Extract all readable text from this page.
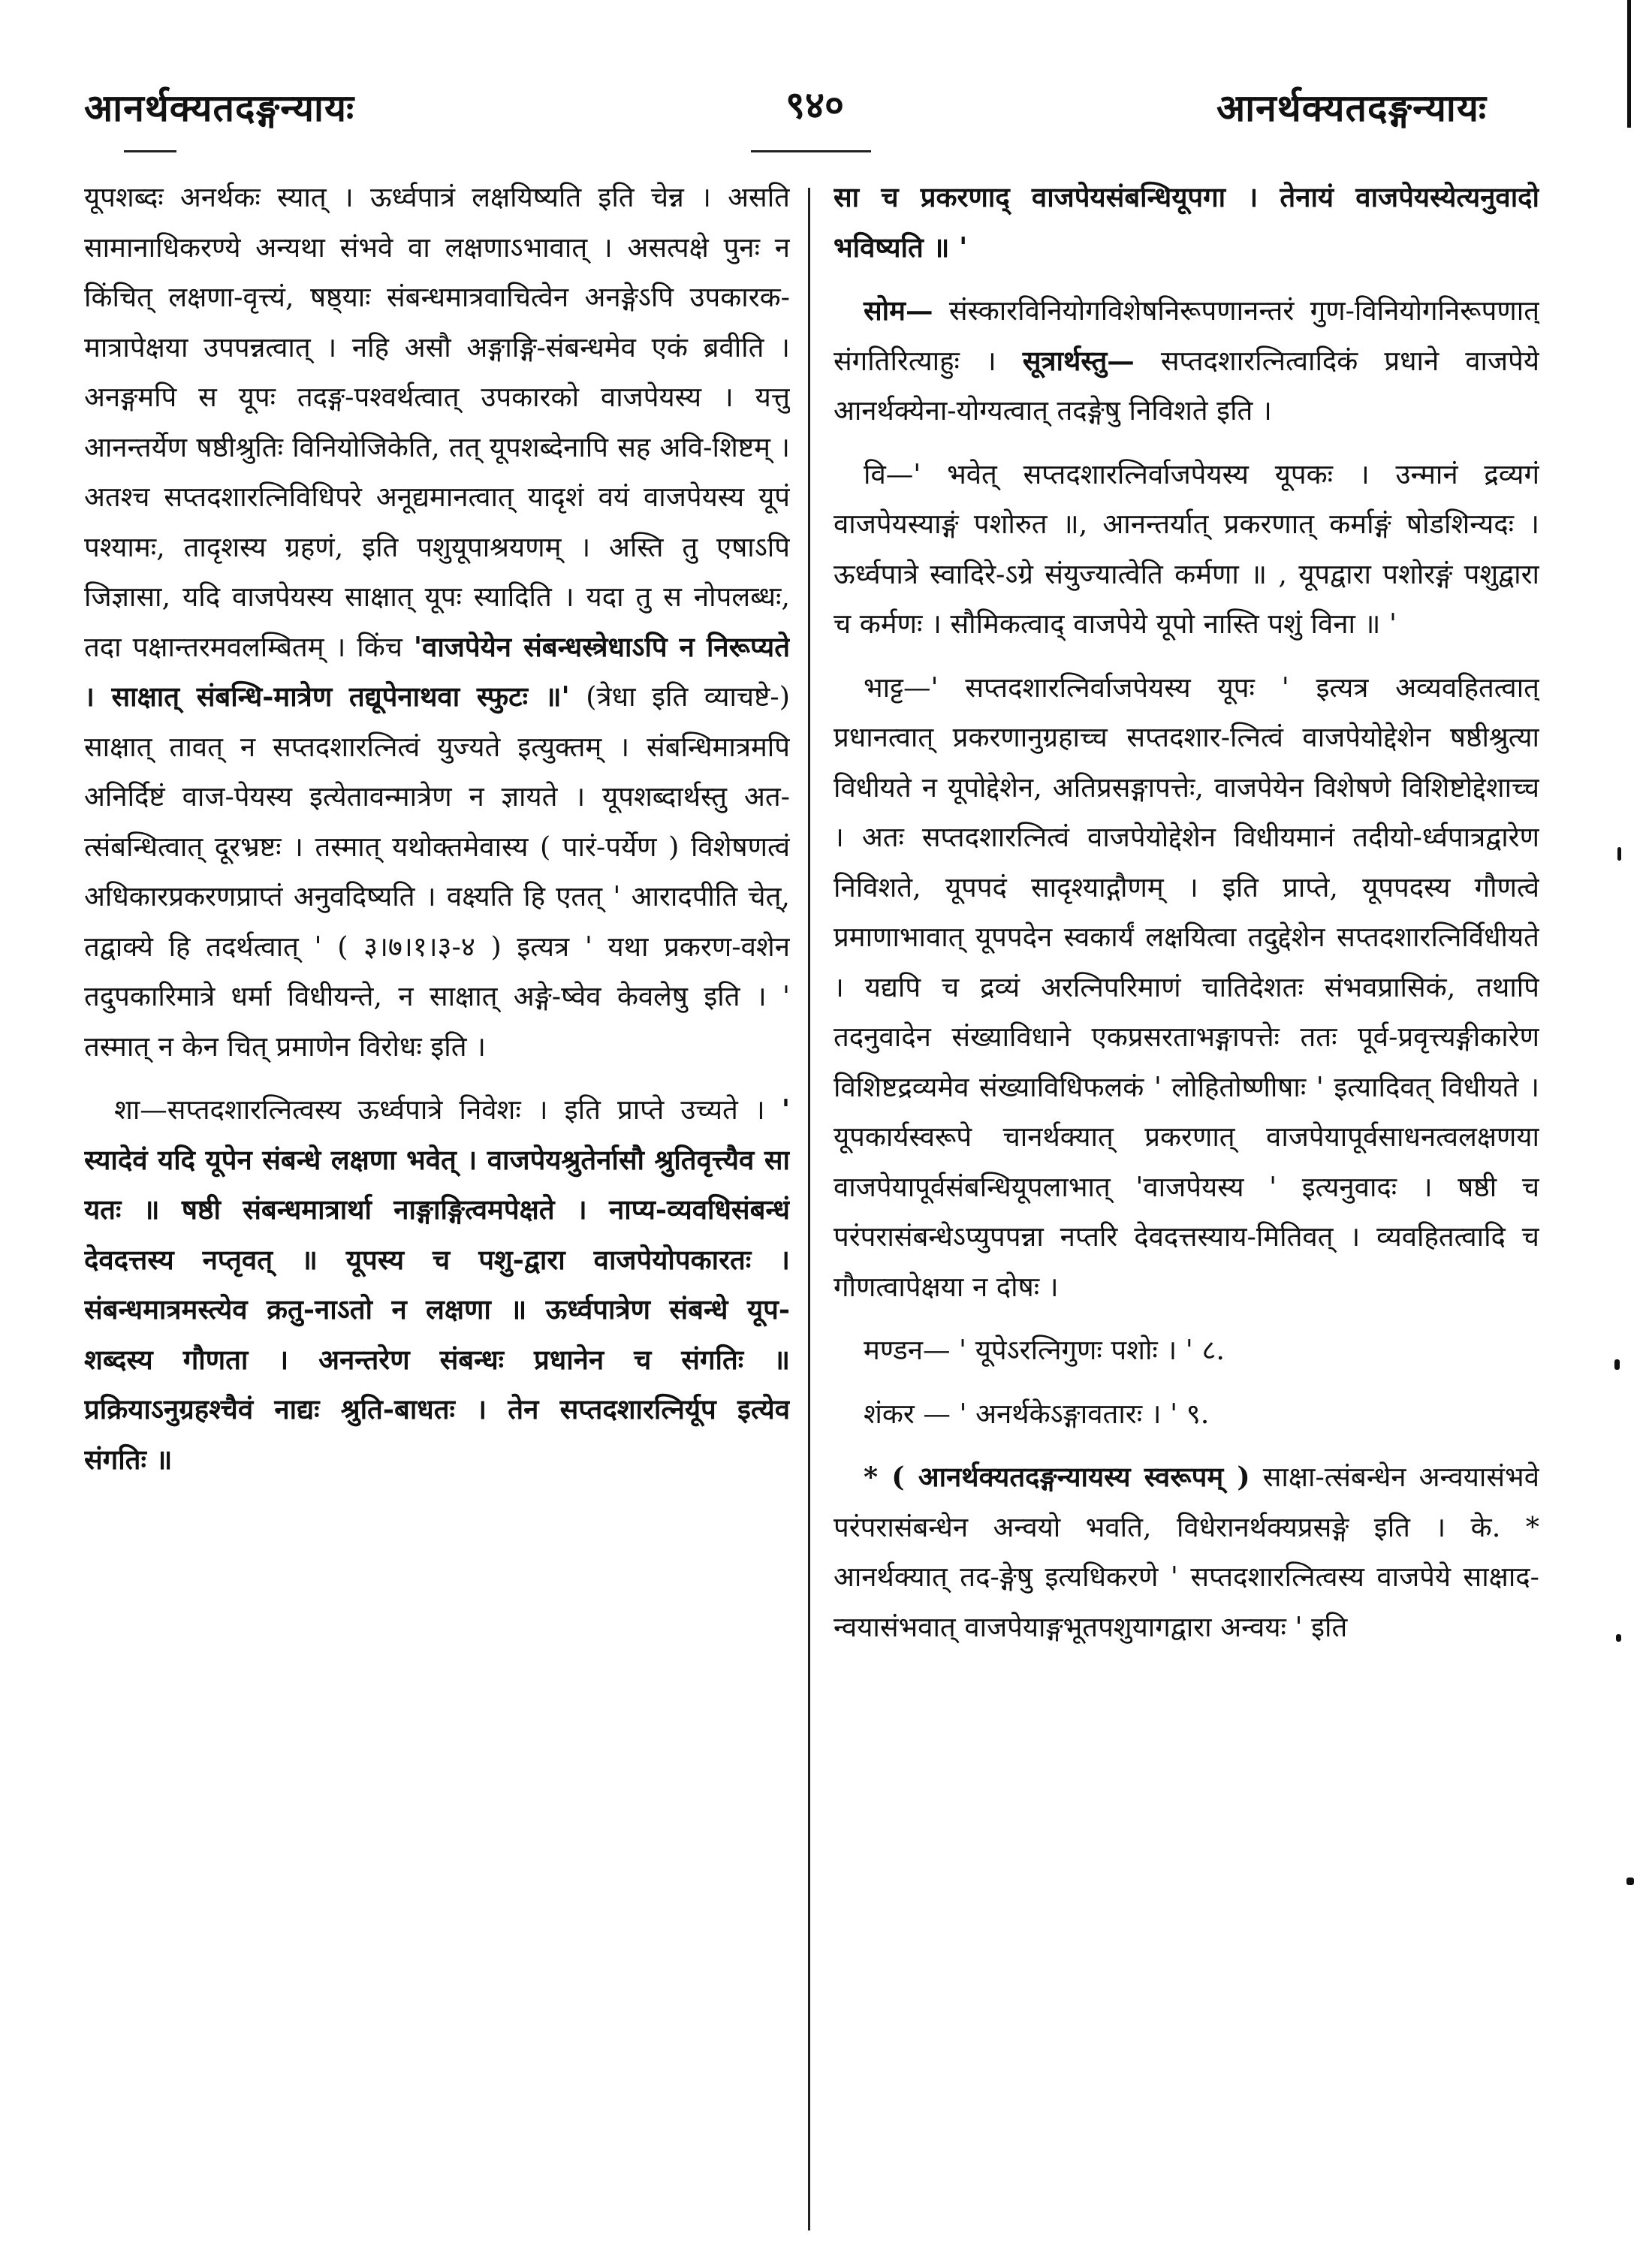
आनर्थक्यतदङ्गन्यायः	९४०	आनर्थक्यतदङ्गन्यायः

यूपशब्दः अनर्थकः स्यात् । ऊर्ध्वपात्रं लक्षयिष्यति इति चेन्न । असति सामानाधिकरण्ये अन्यथा संभवे वा लक्षणाऽभावात् । असत्पक्षे पुनः न किंचित् लक्षणा-वृत्त्यं, षष्ठ्याः संबन्धमात्रवाचित्वेन अनङ्गेऽपि उपकारक-मात्रापेक्षया उपपन्नत्वात् । नहि असौ अङ्गाङ्गि-संबन्धमेव एकं ब्रवीति । अनङ्गमपि स यूपः तदङ्ग-पश्वर्थत्वात् उपकारको वाजपेयस्य । यत्तु आनन्तर्येण षष्ठीश्रुतिः विनियोजिकेति, तत् यूपशब्देनापि सह अवि-शिष्टम् । अतश्च सप्तदशारत्निविधिपरे अनूद्यमानत्वात् यादृशं वयं वाजपेयस्य यूपं पश्यामः, तादृशस्य ग्रहणं, इति पशुयूपाश्रयणम् । अस्ति तु एषाऽपि जिज्ञासा, यदि वाजपेयस्य साक्षात् यूपः स्यादिति । यदा तु स नोपलब्धः, तदा पक्षान्तरमवलम्बितम् । किंच 'वाजपेयेन संबन्धस्त्रेधाऽपि न निरूप्यते । साक्षात् संबन्धि-मात्रेण तद्यूपेनाथवा स्फुटः ॥' (त्रेधा इति व्याचष्टे-) साक्षात् तावत् न सप्तदशारत्नित्वं युज्यते इत्युक्तम् । संबन्धिमात्रमपि अनिर्दिष्टं वाज-पेयस्य इत्येतावन्मात्रेण न ज्ञायते । यूपशब्दार्थस्तु अत-त्संबन्धित्वात् दूरभ्रष्टः । तस्मात् यथोक्तमेवास्य ( पारं-पर्येण ) विशेषणत्वं अधिकारप्रकरणप्राप्तं अनुवदिष्यति । वक्ष्यति हि एतत् ' आरादपीति चेत्, तद्वाक्ये हि तदर्थत्वात् ' ( ३।७।१।३-४ ) इत्यत्र ' यथा प्रकरण-वशेन तदुपकारिमात्रे धर्मा विधीयन्ते, न साक्षात् अङ्गे-ष्वेव केवलेषु इति । ' तस्मात् न केन चित् प्रमाणेन विरोधः इति ।

शा—सप्तदशारत्नित्वस्य ऊर्ध्वपात्रे निवेशः । इति प्राप्ते उच्यते । ' स्यादेवं यदि यूपेन संबन्धे लक्षणा भवेत् । वाजपेयश्रुतेर्नासौ श्रुतिवृत्त्यैव सा यतः ॥ षष्ठी संबन्धमात्रार्था नाङ्गाङ्गित्वमपेक्षते । नाप्य-व्यवधिसंबन्धं देवदत्तस्य नप्तृवत् ॥ यूपस्य च पशु-द्वारा वाजपेयोपकारतः । संबन्धमात्रमस्त्येव क्रतु-नाऽतो न लक्षणा ॥ ऊर्ध्वपात्रेण संबन्धे यूप-शब्दस्य गौणता । अनन्तरेण संबन्धः प्रधानेन च संगतिः ॥ प्रक्रियाऽनुग्रहश्चैवं नाद्यः श्रुति-बाधतः । तेन सप्तदशारत्निर्यूप इत्येव संगतिः ॥

सा च प्रकरणाद् वाजपेयसंबन्धियूपगा । तेनायं वाजपेयस्येत्यनुवादो भविष्यति ॥ '

सोम— संस्कारविनियोगविशेषनिरूपणानन्तरं गुण-विनियोगनिरूपणात् संगतिरित्याहुः । सूत्रार्थस्तु— सप्तदशारत्नित्वादिकं प्रधाने वाजपेये आनर्थक्येना-योग्यत्वात् तदङ्गेषु निविशते इति ।

वि—' भवेत् सप्तदशारत्निर्वाजपेयस्य यूपकः । उन्मानं द्रव्यगं वाजपेयस्याङ्गं पशोरुत ॥, आनन्तर्यात् प्रकरणात् कर्माङ्गं षोडशिन्यदः । ऊर्ध्वपात्रे स्वादिरे-ऽग्रे संयुज्यात्वेति कर्मणा ॥ , यूपद्वारा पशोरङ्गं पशुद्वारा च कर्मणः । सौमिकत्वाद् वाजपेये यूपो नास्ति पशुं विना ॥ '

भाट्ट—' सप्तदशारत्निर्वाजपेयस्य यूपः ' इत्यत्र अव्यवहितत्वात् प्रधानत्वात् प्रकरणानुग्रहाच्च सप्तदशार-त्नित्वं वाजपेयोद्देशेन षष्ठीश्रुत्या विधीयते न यूपोद्देशेन, अतिप्रसङ्गापत्तेः, वाजपेयेन विशेषणे विशिष्टोद्देशाच्च । अतः सप्तदशारत्नित्वं वाजपेयोद्देशेन विधीयमानं तदीयो-र्ध्वपात्रद्वारेण निविशते, यूपपदं सादृश्याद्गौणम् । इति प्राप्ते, यूपपदस्य गौणत्वे प्रमाणाभावात् यूपपदेन स्वकार्यं लक्षयित्वा तदुद्देशेन सप्तदशारत्निर्विधीयते । यद्यपि च द्रव्यं अरत्निपरिमाणं चातिदेशतः संभवप्रासिकं, तथापि तदनुवादेन संख्याविधाने एकप्रसरताभङ्गापत्तेः ततः पूर्व-प्रवृत्त्यङ्गीकारेण विशिष्टद्रव्यमेव संख्याविधिफलकं ' लोहितोष्णीषाः ' इत्यादिवत् विधीयते । यूपकार्यस्वरूपे चानर्थक्यात् प्रकरणात् वाजपेयापूर्वसाधनत्वलक्षणया वाजपेयापूर्वसंबन्धियूपलाभात् 'वाजपेयस्य ' इत्यनुवादः । षष्ठी च परंपरासंबन्धेऽप्युपपन्ना नप्तरि देवदत्तस्याय-मितिवत् । व्यवहितत्वादि च गौणत्वापेक्षया न दोषः ।

मण्डन— ' यूपेऽरत्निगुणः पशोः । ' ८.

शंकर — ' अनर्थकेऽङ्गावतारः । ' ९.

* ( आनर्थक्यतदङ्गन्यायस्य स्वरूपम् ) साक्षा-त्संबन्धेन अन्वयासंभवे परंपरासंबन्धेन अन्वयो भवति, विधेरानर्थक्यप्रसङ्गे इति । के. * आनर्थक्यात् तद-ङ्गेषु इत्यधिकरणे ' सप्तदशारत्नित्वस्य वाजपेये साक्षाद-न्वयासंभवात् वाजपेयाङ्गभूतपशुयागद्वारा अन्वयः ' इति
